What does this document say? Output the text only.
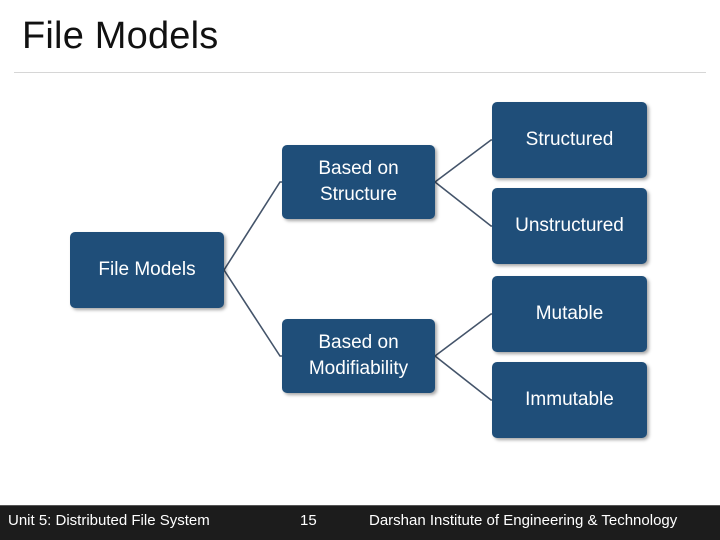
File Models
File Models
Based on
Structure
Based on
Modifiability
Structured
Unstructured
Mutable
Immutable
Unit 5: Distributed File System	15	Darshan Institute of Engineering & Technology
